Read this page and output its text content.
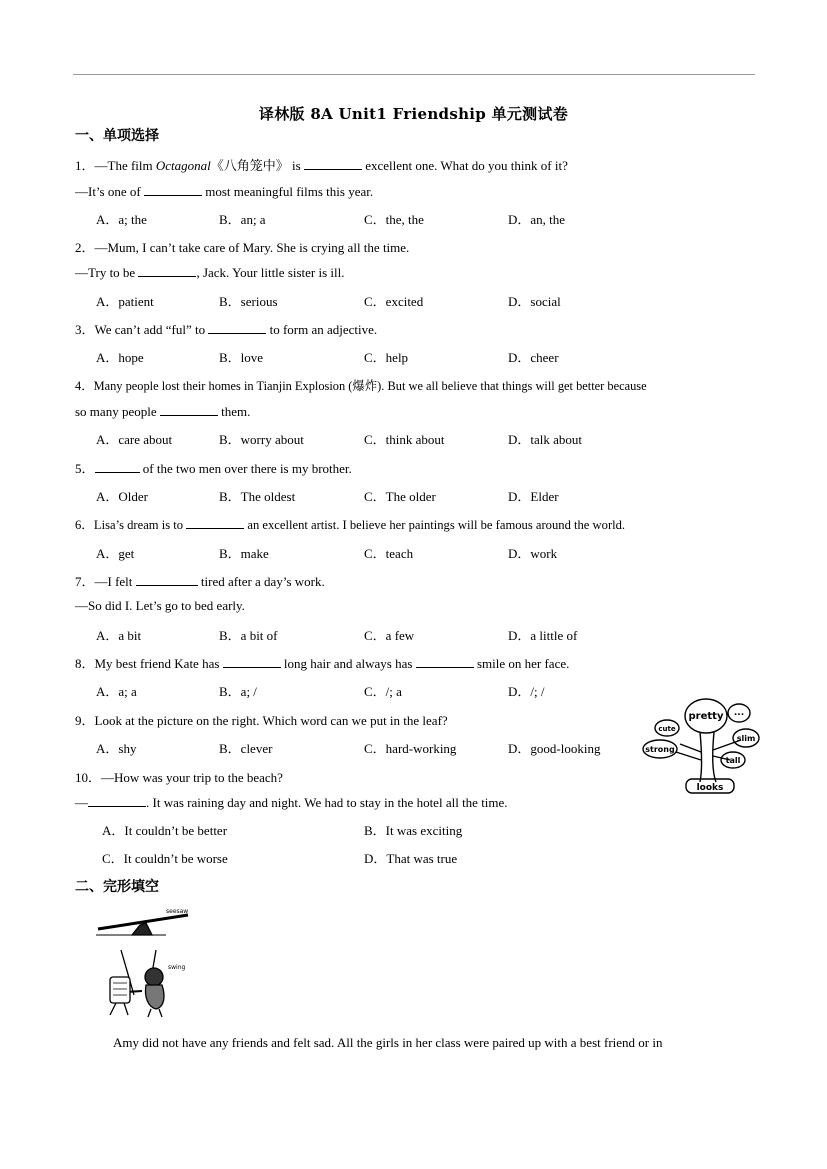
译林版 8A Unit1 Friendship 单元测试卷
一、单项选择
1．—The film Octagonal《八角笼中》 is	excellent one. What do you think of it?
—It’s one of	most meaningful films this year.
A．a; the	B．an; a	C．the, the	D．an, the
2．—Mum, I can’t take care of Mary. She is crying all the time.
—Try to be	, Jack. Your little sister is ill.
A．patient	B．serious	C．excited	D．social
3．We can’t add “ful” to	to form an adjective.
A．hope	B．love	C．help	D．cheer
4．Many people lost their homes in Tianjin Explosion (爆炸). But we all believe that things will get better because
so many people	them.
A．care about	B．worry about	C．think about	D．talk about
5．	of the two men over there is my brother.
A．Older	B．The oldest	C．The older	D．Elder
6．Lisa’s dream is to	an excellent artist. I believe her paintings will be famous around the world.
A．get	B．make	C．teach	D．work
7．—I felt	tired after a day’s work.
—So did I. Let’s go to bed early.
A．a bit	B．a bit of	C．a few	D．a little of
8．My best friend Kate has	long hair and always has	smile on her face.
A．a; a	B．a; /	C．/; a	D．/; /
9．Look at the picture on the right. Which word can we put in the leaf?
A．shy	B．clever	C．hard-working	D．good-looking
pretty
cute
strong
slim
tall
looks
...
10．—How was your trip to the beach?
—	. It was raining day and night. We had to stay in the hotel all the time.
A．It couldn’t be better	B．It was exciting
C．It couldn’t be worse	D．That was true
二、完形填空
seesaw
swing
Amy did not have any friends and felt sad. All the girls in her class were paired up with a best friend or in
